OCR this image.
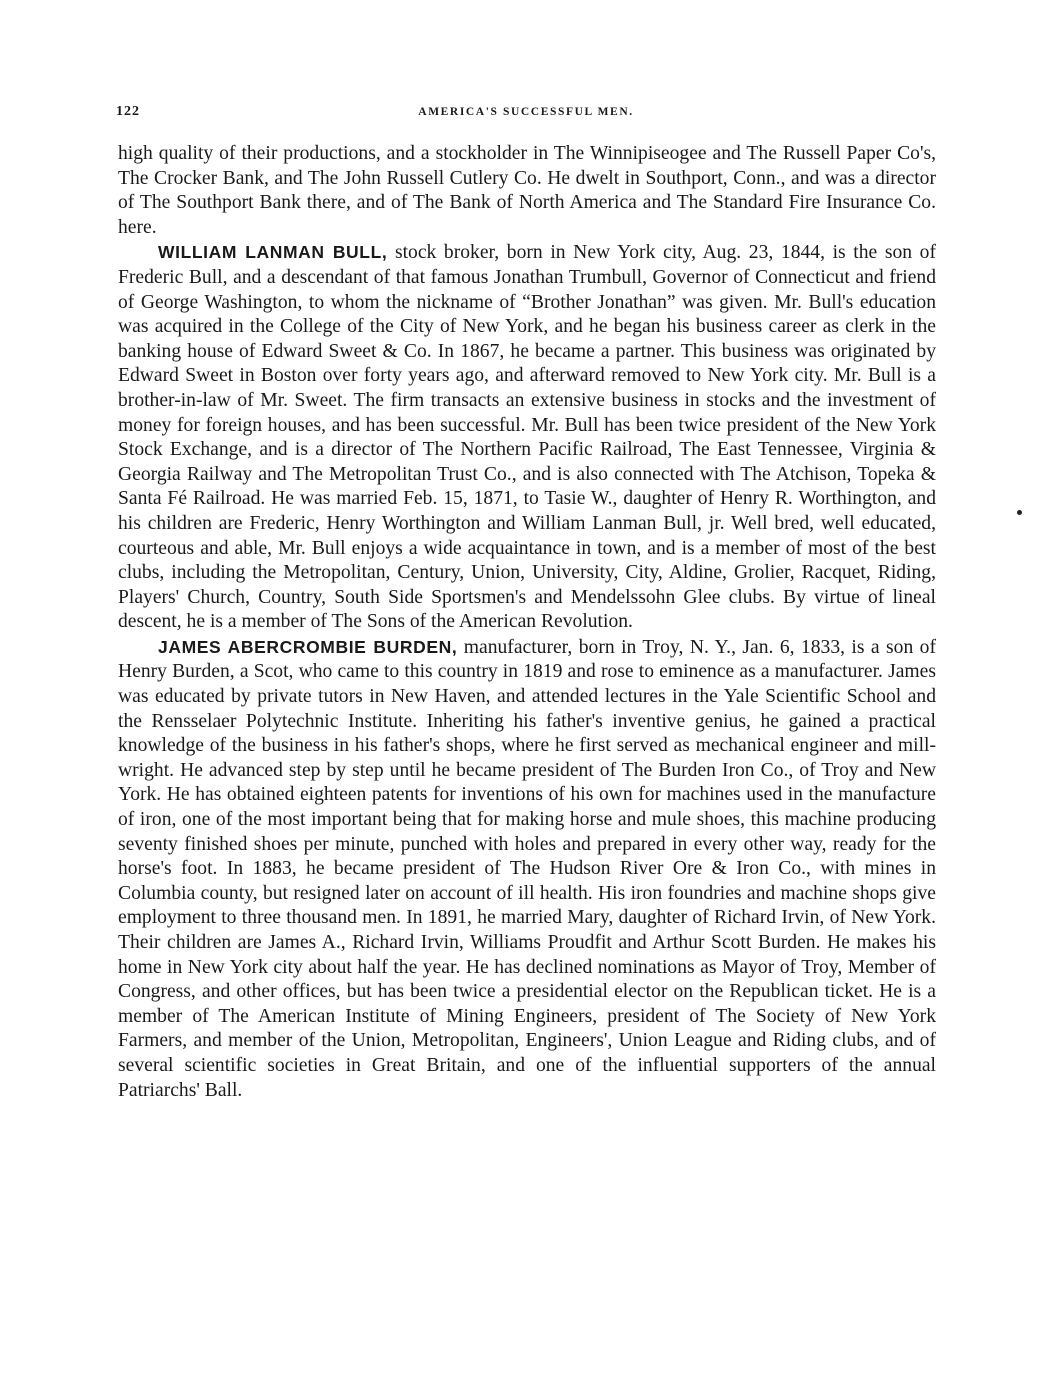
122	AMERICA'S SUCCESSFUL MEN.

high quality of their productions, and a stockholder in The Winnipiseogee and The Russell Paper Co's, The Crocker Bank, and The John Russell Cutlery Co. He dwelt in Southport, Conn., and was a director of The Southport Bank there, and of The Bank of North America and The Standard Fire Insurance Co. here.

WILLIAM LANMAN BULL, stock broker, born in New York city, Aug. 23, 1844, is the son of Frederic Bull, and a descendant of that famous Jonathan Trumbull, Governor of Connecticut and friend of George Washington, to whom the nickname of “Brother Jonathan” was given. Mr. Bull's education was acquired in the College of the City of New York, and he began his business career as clerk in the banking house of Edward Sweet & Co. In 1867, he became a partner. This business was originated by Edward Sweet in Boston over forty years ago, and afterward removed to New York city. Mr. Bull is a brother-in-law of Mr. Sweet. The firm transacts an extensive business in stocks and the investment of money for foreign houses, and has been successful. Mr. Bull has been twice president of the New York Stock Exchange, and is a director of The Northern Pacific Railroad, The East Tennessee, Virginia & Georgia Railway and The Metropolitan Trust Co., and is also connected with The Atchison, Topeka & Santa Fé Railroad. He was married Feb. 15, 1871, to Tasie W., daughter of Henry R. Worthington, and his children are Frederic, Henry Worthington and William Lanman Bull, jr. Well bred, well educated, courteous and able, Mr. Bull enjoys a wide acquaintance in town, and is a member of most of the best clubs, including the Metropolitan, Century, Union, University, City, Aldine, Grolier, Racquet, Riding, Players' Church, Country, South Side Sportsmen's and Mendelssohn Glee clubs. By virtue of lineal descent, he is a member of The Sons of the American Revolution.

JAMES ABERCROMBIE BURDEN, manufacturer, born in Troy, N. Y., Jan. 6, 1833, is a son of Henry Burden, a Scot, who came to this country in 1819 and rose to eminence as a manufacturer. James was educated by private tutors in New Haven, and attended lectures in the Yale Scientific School and the Rensselaer Polytechnic Institute. Inheriting his father's inventive genius, he gained a practical knowledge of the business in his father's shops, where he first served as mechanical engineer and mill-wright. He advanced step by step until he became president of The Burden Iron Co., of Troy and New York. He has obtained eighteen patents for inventions of his own for machines used in the manufacture of iron, one of the most important being that for making horse and mule shoes, this machine producing seventy finished shoes per minute, punched with holes and prepared in every other way, ready for the horse's foot. In 1883, he became president of The Hudson River Ore & Iron Co., with mines in Columbia county, but resigned later on account of ill health. His iron foundries and machine shops give employment to three thousand men. In 1891, he married Mary, daughter of Richard Irvin, of New York. Their children are James A., Richard Irvin, Williams Proudfit and Arthur Scott Burden. He makes his home in New York city about half the year. He has declined nominations as Mayor of Troy, Member of Congress, and other offices, but has been twice a presidential elector on the Republican ticket. He is a member of The American Institute of Mining Engineers, president of The Society of New York Farmers, and member of the Union, Metropolitan, Engineers', Union League and Riding clubs, and of several scientific societies in Great Britain, and one of the influential supporters of the annual Patriarchs' Ball.
